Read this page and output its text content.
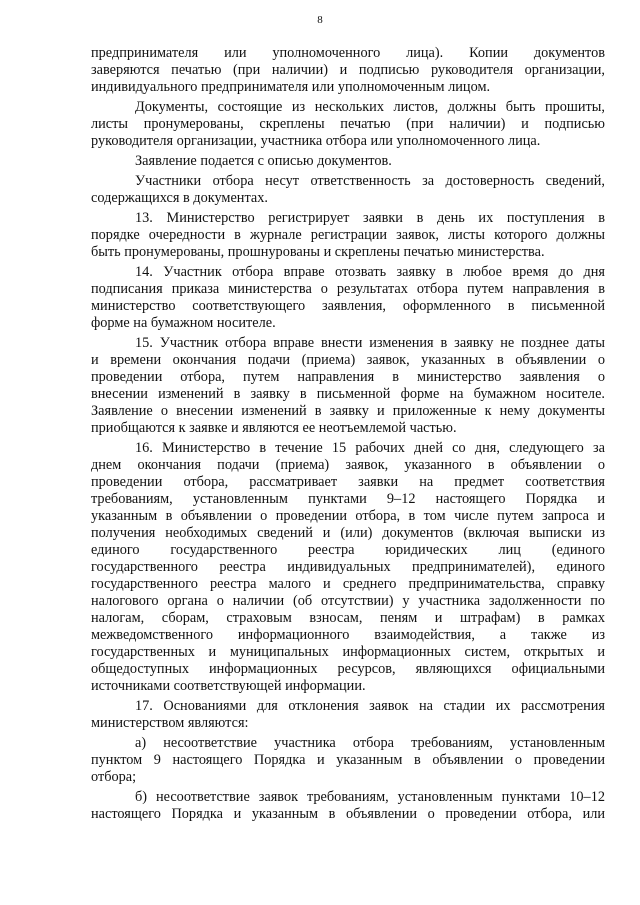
8
предпринимателя или уполномоченного лица). Копии документов
заверяются печатью (при наличии) и подписью руководителя организации,
индивидуального предпринимателя или уполномоченным лицом.
Документы, состоящие из нескольких листов, должны быть прошиты,
листы пронумерованы, скреплены печатью (при наличии) и подписью
руководителя организации, участника отбора или уполномоченного лица.
Заявление подается с описью документов.
Участники отбора несут ответственность за достоверность сведений,
содержащихся в документах.
13. Министерство регистрирует заявки в день их поступления в
порядке очередности в журнале регистрации заявок, листы которого должны
быть пронумерованы, прошнурованы и скреплены печатью министерства.
14. Участник отбора вправе отозвать заявку в любое время до дня
подписания приказа министерства о результатах отбора путем направления в
министерство соответствующего заявления, оформленного в письменной
форме на бумажном носителе.
15. Участник отбора вправе внести изменения в заявку не позднее даты
и времени окончания подачи (приема) заявок, указанных в объявлении о
проведении отбора, путем направления в министерство заявления о
внесении изменений в заявку в письменной форме на бумажном носителе.
Заявление о внесении изменений в заявку и приложенные к нему документы
приобщаются к заявке и являются ее неотъемлемой частью.
16. Министерство в течение 15 рабочих дней со дня, следующего за
днем окончания подачи (приема) заявок, указанного в объявлении о
проведении отбора, рассматривает заявки на предмет соответствия
требованиям, установленным пунктами 9–12 настоящего Порядка и
указанным в объявлении о проведении отбора, в том числе путем запроса и
получения необходимых сведений и (или) документов (включая выписки из
единого государственного реестра юридических лиц (единого
государственного реестра индивидуальных предпринимателей), единого
государственного реестра малого и среднего предпринимательства, справку
налогового органа о наличии (об отсутствии) у участника задолженности по
налогам, сборам, страховым взносам, пеням и штрафам) в рамках
межведомственного информационного взаимодействия, а также из
государственных и муниципальных информационных систем, открытых и
общедоступных информационных ресурсов, являющихся официальными
источниками соответствующей информации.
17. Основаниями для отклонения заявок на стадии их рассмотрения
министерством являются:
а) несоответствие участника отбора требованиям, установленным
пунктом 9 настоящего Порядка и указанным в объявлении о проведении
отбора;
б) несоответствие заявок требованиям, установленным пунктами 10–12
настоящего Порядка и указанным в объявлении о проведении отбора, или
